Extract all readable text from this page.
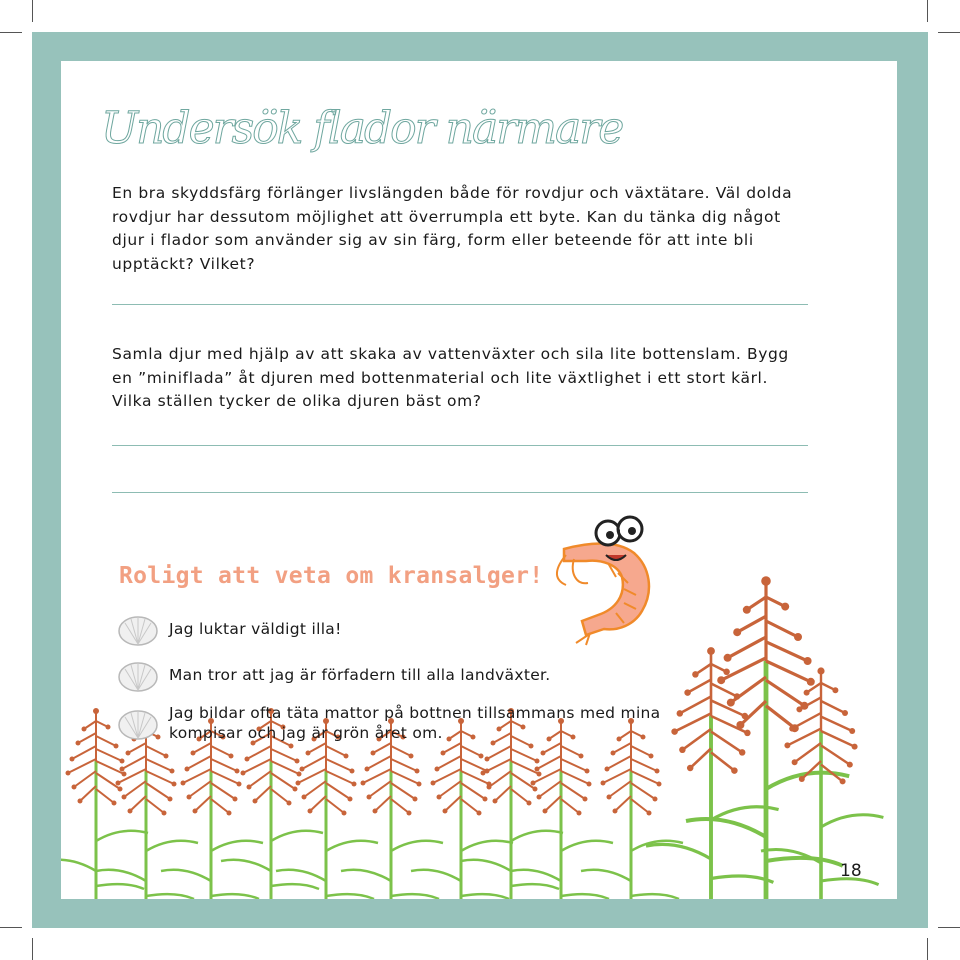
Undersök flador närmare

En bra skyddsfärg förlänger livslängden både för rovdjur och växtätare. Väl dolda rovdjur har dessutom möjlighet att överrumpla ett byte. Kan du tänka dig något djur i flador som använder sig av sin färg, form eller beteende för att inte bli upptäckt? Vilket?

Samla djur med hjälp av att skaka av vattenväxter och sila lite bottenslam. Bygg en ”miniflada” åt djuren med bottenmaterial och lite växtlighet i ett stort kärl. Vilka ställen tycker de olika djuren bäst om?

Roligt att veta om kransalger!
Jag luktar väldigt illa!
Man tror att jag är förfadern till alla landväxter.
Jag bildar ofta täta mattor på bottnen tillsammans med mina kompisar och jag är grön året om.
18
